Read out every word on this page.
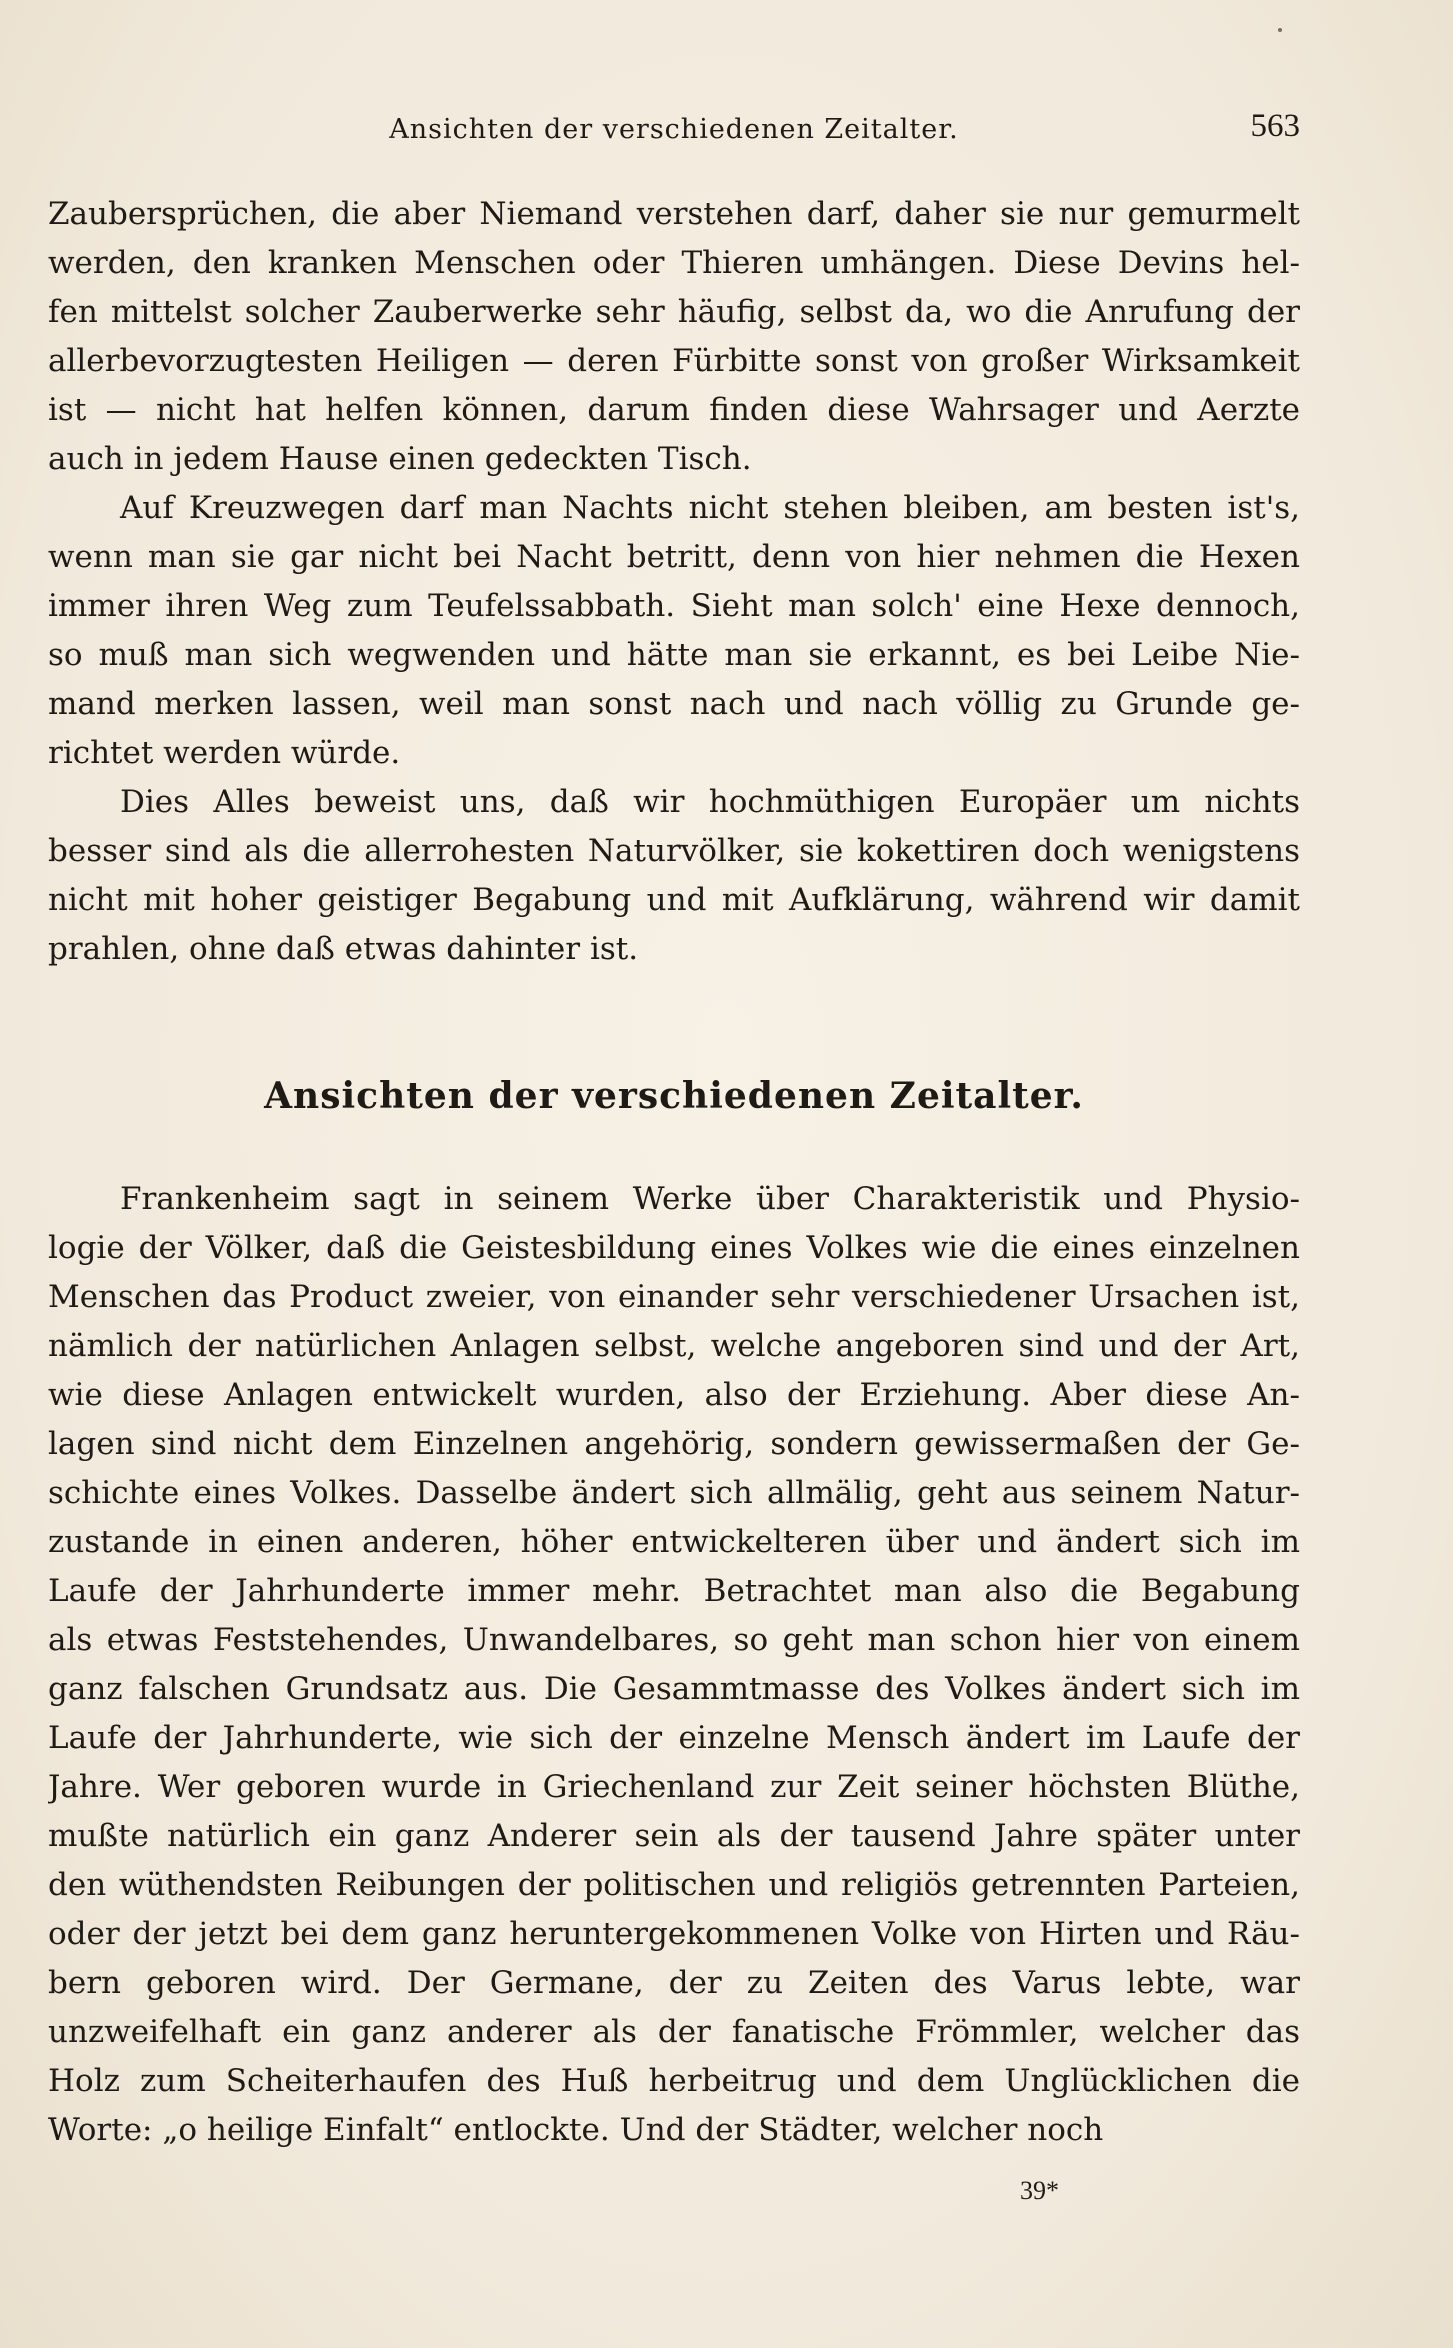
Ansichten der verschiedenen Zeitalter.	563
Zaubersprüchen, die aber Niemand verstehen darf, daher sie nur gemurmelt
werden, den kranken Menschen oder Thieren umhängen. Diese Devins hel-
fen mittelst solcher Zauberwerke sehr häufig, selbst da, wo die Anrufung der
allerbevorzugtesten Heiligen — deren Fürbitte sonst von großer Wirksamkeit
ist — nicht hat helfen können, darum finden diese Wahrsager und Aerzte
auch in jedem Hause einen gedeckten Tisch.
Auf Kreuzwegen darf man Nachts nicht stehen bleiben, am besten ist's,
wenn man sie gar nicht bei Nacht betritt, denn von hier nehmen die Hexen
immer ihren Weg zum Teufelssabbath. Sieht man solch' eine Hexe dennoch,
so muß man sich wegwenden und hätte man sie erkannt, es bei Leibe Nie-
mand merken lassen, weil man sonst nach und nach völlig zu Grunde ge-
richtet werden würde.
Dies Alles beweist uns, daß wir hochmüthigen Europäer um nichts
besser sind als die allerrohesten Naturvölker, sie kokettiren doch wenigstens
nicht mit hoher geistiger Begabung und mit Aufklärung, während wir damit
prahlen, ohne daß etwas dahinter ist.
Ansichten der verschiedenen Zeitalter.
Frankenheim sagt in seinem Werke über Charakteristik und Physio-
logie der Völker, daß die Geistesbildung eines Volkes wie die eines einzelnen
Menschen das Product zweier, von einander sehr verschiedener Ursachen ist,
nämlich der natürlichen Anlagen selbst, welche angeboren sind und der Art,
wie diese Anlagen entwickelt wurden, also der Erziehung. Aber diese An-
lagen sind nicht dem Einzelnen angehörig, sondern gewissermaßen der Ge-
schichte eines Volkes. Dasselbe ändert sich allmälig, geht aus seinem Natur-
zustande in einen anderen, höher entwickelteren über und ändert sich im
Laufe der Jahrhunderte immer mehr. Betrachtet man also die Begabung
als etwas Feststehendes, Unwandelbares, so geht man schon hier von einem
ganz falschen Grundsatz aus. Die Gesammtmasse des Volkes ändert sich im
Laufe der Jahrhunderte, wie sich der einzelne Mensch ändert im Laufe der
Jahre. Wer geboren wurde in Griechenland zur Zeit seiner höchsten Blüthe,
mußte natürlich ein ganz Anderer sein als der tausend Jahre später unter
den wüthendsten Reibungen der politischen und religiös getrennten Parteien,
oder der jetzt bei dem ganz heruntergekommenen Volke von Hirten und Räu-
bern geboren wird. Der Germane, der zu Zeiten des Varus lebte, war
unzweifelhaft ein ganz anderer als der fanatische Frömmler, welcher das
Holz zum Scheiterhaufen des Huß herbeitrug und dem Unglücklichen die
Worte: „o heilige Einfalt“ entlockte. Und der Städter, welcher noch
39*
